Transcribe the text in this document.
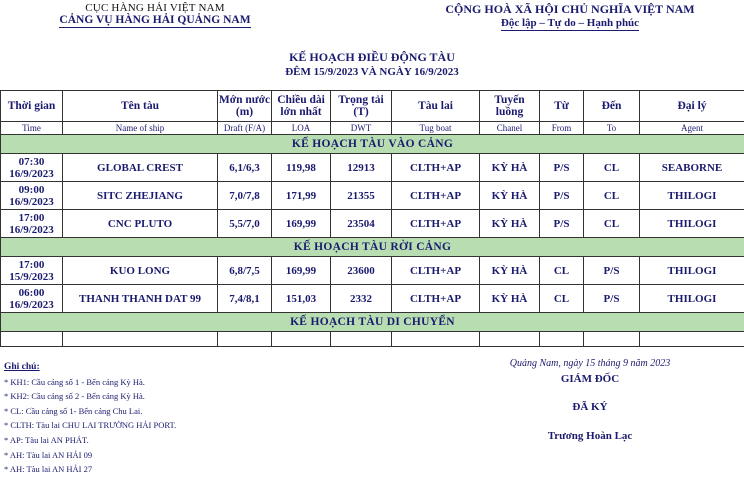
CỤC HÀNG HẢI VIỆT NAM
CẢNG VỤ HÀNG HẢI QUẢNG NAM
CỘNG HOÀ XÃ HỘI CHỦ NGHĨA VIỆT NAM
Độc lập – Tự do – Hạnh phúc
KẾ HOẠCH ĐIỀU ĐỘNG TÀU
ĐÊM 15/9/2023 VÀ NGÀY 16/9/2023
Thời gian	Tên tàu	Mớn nước (m)	Chiều dài lớn nhất	Trọng tải (T)	Tàu lai	Tuyến luồng	Từ	Đến	Đại lý
Time	Name of ship	Draft (F/A)	LOA	DWT	Tug boat	Chanel	From	To	Agent
KẾ HOẠCH TÀU VÀO CẢNG									

07:30
16/9/2023	GLOBAL CREST	6,1/6,3	119,98	12913	CLTH+AP	KỲ HÀ	P/S	CL	SEABORNE

09:00
16/9/2023	SITC ZHEJIANG	7,0/7,8	171,99	21355	CLTH+AP	KỲ HÀ	P/S	CL	THILOGI

17:00
16/9/2023	CNC PLUTO	5,5/7,0	169,99	23504	CLTH+AP	KỲ HÀ	P/S	CL	THILOGI
KẾ HOẠCH TÀU RỜI CẢNG									

17:00
15/9/2023	KUO LONG	6,8/7,5	169,99	23600	CLTH+AP	KỲ HÀ	CL	P/S	THILOGI

06:00
16/9/2023	THANH THANH DAT 99	7,4/8,1	151,03	2332	CLTH+AP	KỲ HÀ	CL	P/S	THILOGI
KẾ HOẠCH TÀU DI CHUYỂN									

Ghi chú:
* KH1: Cầu cảng số 1 - Bến cảng Kỳ Hà.
* KH2: Cầu cảng số 2 - Bến cảng Kỳ Hà.
* CL: Cầu cảng số 1- Bến cảng Chu Lai.
* CLTH: Tàu lai CHU LAI TRƯỜNG HẢI PORT.
* AP: Tàu lai AN PHÁT.
* AH: Tàu lai AN HẢI 09
* AH: Tàu lai AN HẢI 27
Quảng Nam, ngày 15 tháng 9 năm 2023
GIÁM ĐỐC
ĐÃ KÝ
Trương Hoàn Lạc
